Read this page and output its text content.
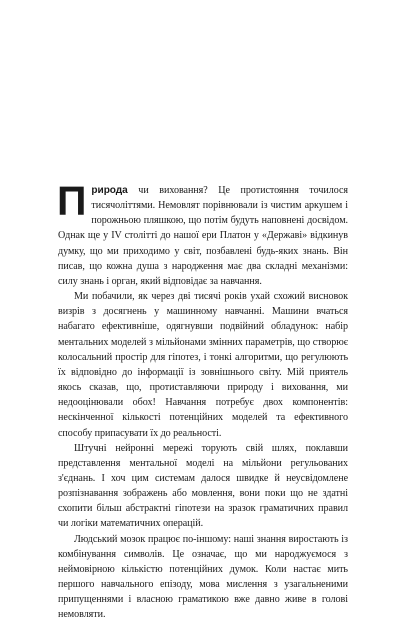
Природа чи виховання? Це протистояння точилося тисячоліттями. Немовлят порівнювали із чистим аркушем і порожньою пляшкою, що потім будуть наповнені досвідом. Однак ще у IV столітті до нашої ери Платон у «Державі» відкинув думку, що ми приходимо у світ, позбавлені будь-яких знань. Він писав, що кожна душа з народження має два складні механізми: силу знань і орган, який відповідає за навчання.

Ми побачили, як через дві тисячі років ухай схожий висновок визрів з досягнень у машинному навчанні. Машини вчаться набагато ефективніше, одягнувши подвійний обладунок: набір ментальних моделей з мільйонами змінних параметрів, що створює колосальний простір для гіпотез, і тонкі алгоритми, що регулюють їх відповідно до інформації із зовнішнього світу. Мій приятель якось сказав, що, протиставляючи природу і виховання, ми недооцінювали обох! Навчання потребує двох компонентів: нескінченної кількості потенційних моделей та ефективного способу припасувати їх до реальності.

Штучні нейронні мережі торують свій шлях, поклавши представлення ментальної моделі на мільйони регульованих з'єднань. І хоч цим системам далося швидке й неусвідомлене розпізнавання зображень або мовлення, вони поки що не здатні схопити більш абстрактні гіпотези на зразок граматичних правил чи логіки математичних операцій.

Людський мозок працює по-іншому: наші знання виростають із комбінування символів. Це означає, що ми народжуємося з неймовірною кількістю потенційних думок. Коли настає мить першого навчального епізоду, мова мислення з узагальненими припущеннями і власною граматикою вже давно живе в голові немовляти.
